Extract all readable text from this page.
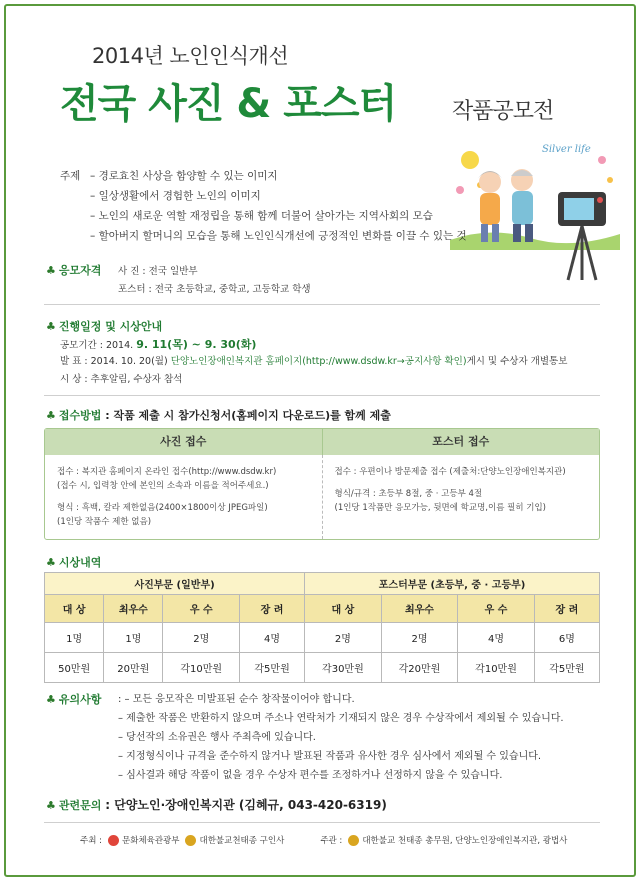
2014년 노인인식개선
전국 사진 & 포스터	작품공모전
Silver life
주제 – 경로효친 사상을 함양할 수 있는 이미지
– 일상생활에서 경험한 노인의 이미지
– 노인의 새로운 역할 재정립을 통해 함께 더불어 살아가는 지역사회의 모습
– 할아버지 할머니의 모습을 통해 노인인식개선에 긍정적인 변화를 이끌 수 있는 것
♣ 응모자격 사 진 : 전국 일반부
포스터 : 전국 초등학교, 중학교, 고등학교 학생
♣ 진행일정 및 시상안내
공모기간 : 2014. 9. 11(목) ~ 9. 30(화)
발 표 : 2014. 10. 20(월) 단양노인장애인복지관 홈페이지(http://www.dsdw.kr→공지사항 확인)게시 및 수상자 개별통보
시 상 : 추후알림, 수상자 참석
♣ 접수방법 : 작품 제출 시 참가신청서(홈페이지 다운로드)를 함께 제출
사진 접수	포스터 접수
접수 : 복지관 홈페이지 온라인 접수(http://www.dsdw.kr)
(접수 시, 입력창 안에 본인의 소속과 이름을 적어주세요.)
형식 : 흑백, 칼라 제한없음(2400×1800이상 JPEG파일)
(1인당 작품수 제한 없음)
접수 : 우편이나 방문제출 접수 (제출처:단양노인장애인복지관)
형식/규격 : 초등부 8절, 중 · 고등부 4절
(1인당 1작품만 응모가능, 뒷면에 학교명,이름 필히 기입)
♣ 시상내역
사진부문 (일반부)				포스터부문 (초등부, 중 · 고등부)			
대 상	최우수	우 수	장 려	대 상	최우수	우 수	장 려
1명	1명	2명	4명	2명	2명	4명	6명
50만원	20만원	각10만원	각5만원	각30만원	각20만원	각10만원	각5만원
♣ 유의사항 : – 모든 응모작은 미발표된 순수 창작물이어야 합니다.
– 제출한 작품은 반환하지 않으며 주소나 연락처가 기재되지 않은 경우 수상작에서 제외될 수 있습니다.
– 당선작의 소유권은 행사 주최측에 있습니다.
– 지정형식이나 규격을 준수하지 않거나 발표된 작품과 유사한 경우 심사에서 제외될 수 있습니다.
– 심사결과 해당 작품이 없을 경우 수상자 편수를 조정하거나 선정하지 않을 수 있습니다.
♣ 관련문의 : 단양노인·장애인복지관 (김혜규, 043-420-6319)
주최 : 문화체육관광부 대한불교천태종 구인사	주관 : 대한불교 천태종 총무원, 단양노인장애인복지관, 광법사
